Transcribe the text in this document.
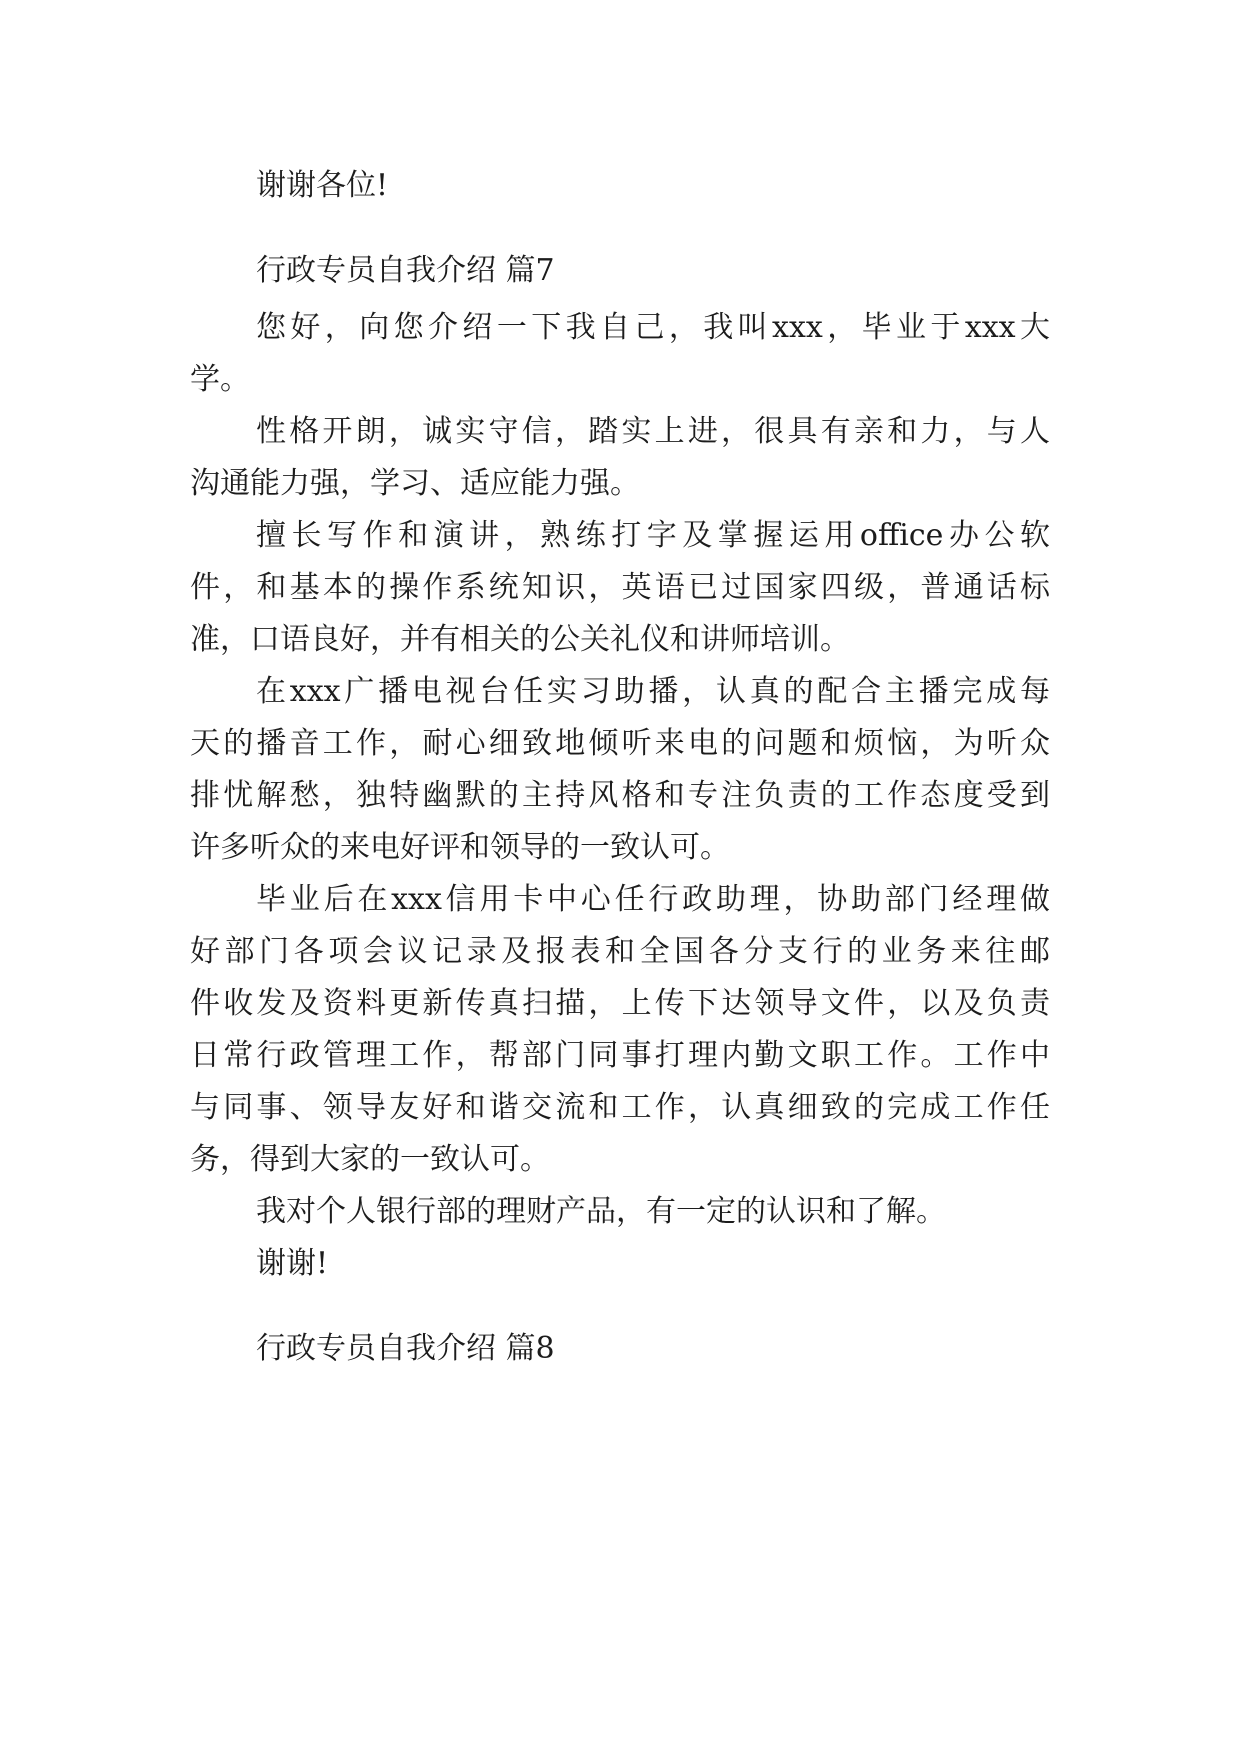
谢谢各位!
行政专员自我介绍 篇7
您好，向您介绍一下我自己，我叫xxx，毕业于xxx大
学。
性格开朗，诚实守信，踏实上进，很具有亲和力，与人
沟通能力强，学习、适应能力强。
擅长写作和演讲，熟练打字及掌握运用office办公软
件，和基本的操作系统知识，英语已过国家四级，普通话标
准，口语良好，并有相关的公关礼仪和讲师培训。
在xxx广播电视台任实习助播，认真的配合主播完成每
天的播音工作，耐心细致地倾听来电的问题和烦恼，为听众
排忧解愁，独特幽默的主持风格和专注负责的工作态度受到
许多听众的来电好评和领导的一致认可。
毕业后在xxx信用卡中心任行政助理，协助部门经理做
好部门各项会议记录及报表和全国各分支行的业务来往邮
件收发及资料更新传真扫描，上传下达领导文件，以及负责
日常行政管理工作，帮部门同事打理内勤文职工作。工作中
与同事、领导友好和谐交流和工作，认真细致的完成工作任
务，得到大家的一致认可。
我对个人银行部的理财产品，有一定的认识和了解。
谢谢!
行政专员自我介绍 篇8
